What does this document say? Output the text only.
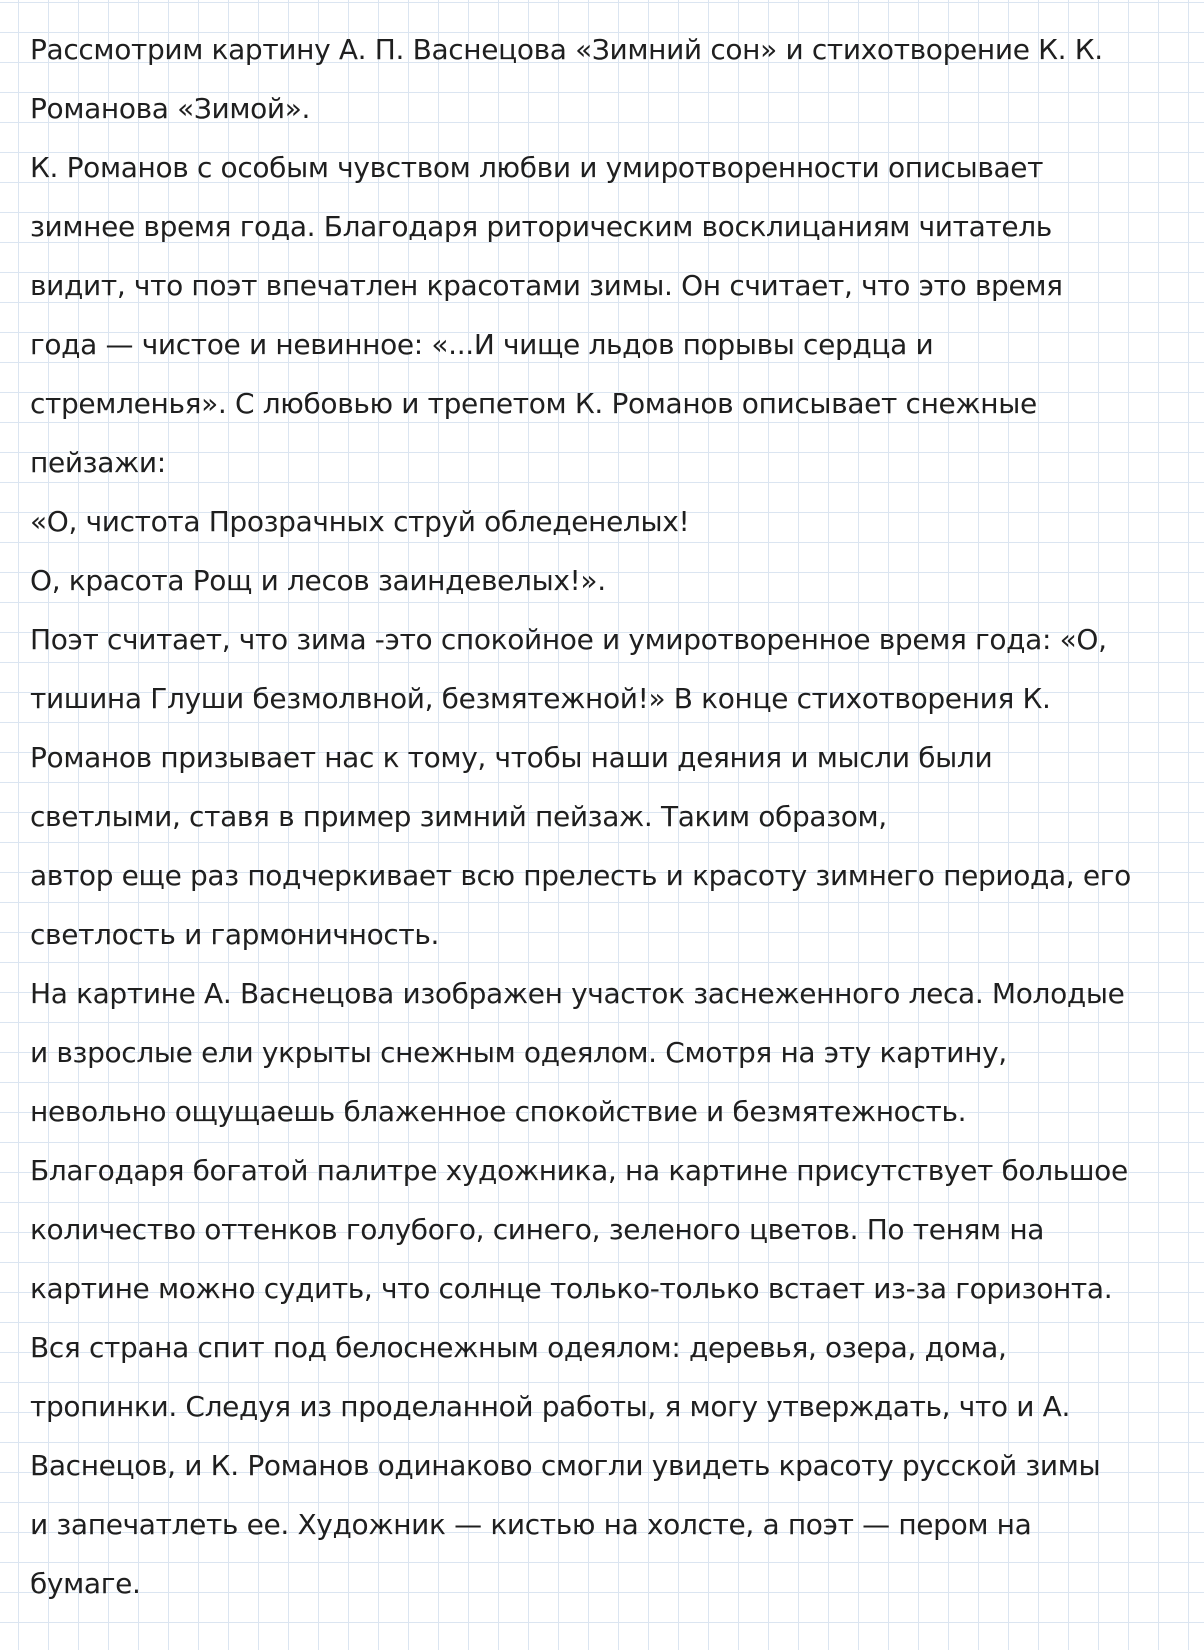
Рассмотрим картину А. П. Васнецова «Зимний сон» и стихотворение К. К.
Романова «Зимой».
К. Романов с особым чувством любви и умиротворенности описывает
зимнее время года. Благодаря риторическим восклицаниям читатель
видит, что поэт впечатлен красотами зимы. Он считает, что это время
года — чистое и невинное: «...И чище льдов порывы сердца и
стремленья». С любовью и трепетом К. Романов описывает снежные
пейзажи:
«О, чистота Прозрачных струй обледенелых!
О, красота Рощ и лесов заиндевелых!».
Поэт считает, что зима -это спокойное и умиротворенное время года: «О,
тишина Глуши безмолвной, безмятежной!» В конце стихотворения К.
Романов призывает нас к тому, чтобы наши деяния и мысли были
светлыми, ставя в пример зимний пейзаж. Таким образом,
автор еще раз подчеркивает всю прелесть и красоту зимнего периода, его
светлость и гармоничность.
На картине А. Васнецова изображен участок заснеженного леса. Молодые
и взрослые ели укрыты снежным одеялом. Смотря на эту картину,
невольно ощущаешь блаженное спокойствие и безмятежность.
Благодаря богатой палитре художника, на картине присутствует большое
количество оттенков голубого, синего, зеленого цветов. По теням на
картине можно судить, что солнце только-только встает из-за горизонта.
Вся страна спит под белоснежным одеялом: деревья, озера, дома,
тропинки. Следуя из проделанной работы, я могу утверждать, что и А.
Васнецов, и К. Романов одинаково смогли увидеть красоту русской зимы
и запечатлеть ее. Художник — кистью на холсте, а поэт — пером на
бумаге.
